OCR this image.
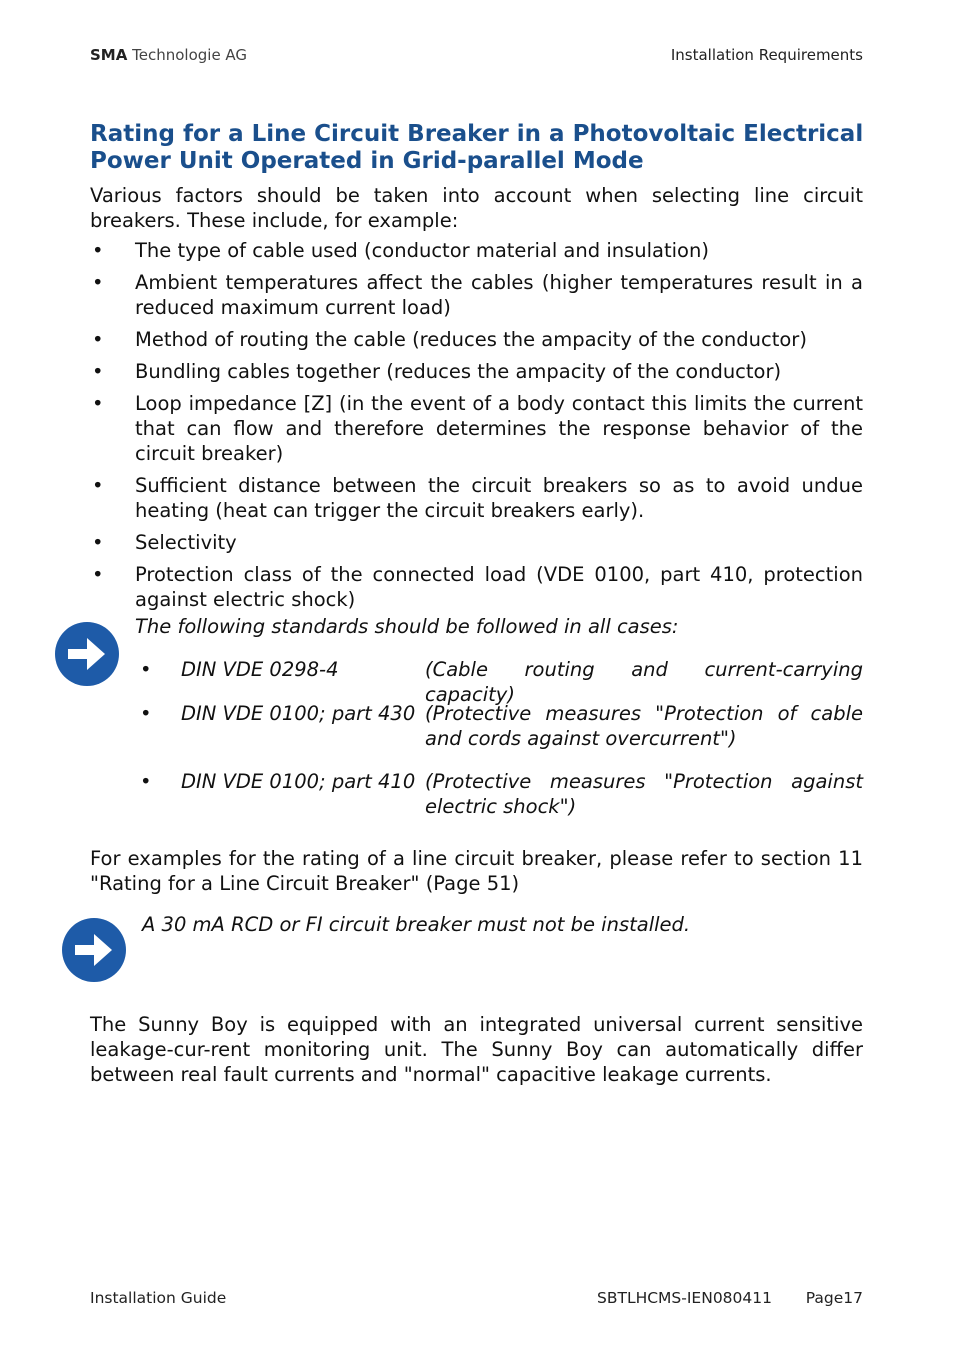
SMA Technologie AG	Installation Requirements
Rating for a Line Circuit Breaker in a Photovoltaic Electrical Power Unit Operated in Grid-parallel Mode
Various factors should be taken into account when selecting line circuit breakers. These include, for example:
• The type of cable used (conductor material and insulation)
• Ambient temperatures affect the cables (higher temperatures result in a reduced maximum current load)
• Method of routing the cable (reduces the ampacity of the conductor)
• Bundling cables together (reduces the ampacity of the conductor)
• Loop impedance [Z] (in the event of a body contact this limits the current that can flow and therefore determines the response behavior of the circuit breaker)
• Sufficient distance between the circuit breakers so as to avoid undue heating (heat can trigger the circuit breakers early).
• Selectivity
• Protection class of the connected load (VDE 0100, part 410, protection against electric shock)
The following standards should be followed in all cases:
• DIN VDE 0298-4	(Cable routing and current-carrying capacity)
• DIN VDE 0100; part 430 (Protective measures "Protection of cable and cords against overcurrent")
• DIN VDE 0100; part 410 (Protective measures "Protection against electric shock")
For examples for the rating of a line circuit breaker, please refer to section 11 "Rating for a Line Circuit Breaker" (Page 51)
A 30 mA RCD or FI circuit breaker must not be installed.
The Sunny Boy is equipped with an integrated universal current sensitive leakage-cur-rent monitoring unit. The Sunny Boy can automatically differ between real fault currents and "normal" capacitive leakage currents.
Installation Guide	SBTLHCMS-IEN080411 Page17
